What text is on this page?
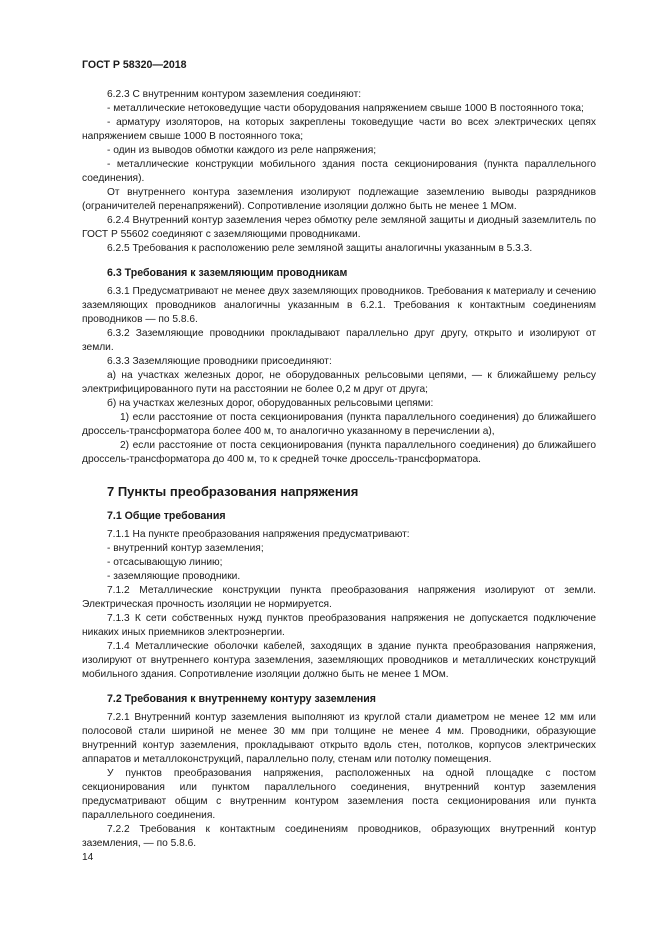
ГОСТ Р 58320—2018

6.2.3 С внутренним контуром заземления соединяют:

- металлические нетоковедущие части оборудования напряжением свыше 1000 В постоянного тока;

- арматуру изоляторов, на которых закреплены токоведущие части во всех электрических цепях напряжением свыше 1000 В постоянного тока;

- один из выводов обмотки каждого из реле напряжения;

- металлические конструкции мобильного здания поста секционирования (пункта параллельного соединения).

От внутреннего контура заземления изолируют подлежащие заземлению выводы разрядников (ограничителей перенапряжений). Сопротивление изоляции должно быть не менее 1 МОм.

6.2.4 Внутренний контур заземления через обмотку реле земляной защиты и диодный заземлитель по ГОСТ Р 55602 соединяют с заземляющими проводниками.

6.2.5 Требования к расположению реле земляной защиты аналогичны указанным в 5.3.3.

6.3 Требования к заземляющим проводникам

6.3.1 Предусматривают не менее двух заземляющих проводников. Требования к материалу и сечению заземляющих проводников аналогичны указанным в 6.2.1. Требования к контактным соединениям проводников — по 5.8.6.

6.3.2 Заземляющие проводники прокладывают параллельно друг другу, открыто и изолируют от земли.

6.3.3 Заземляющие проводники присоединяют:

а) на участках железных дорог, не оборудованных рельсовыми цепями, — к ближайшему рельсу электрифицированного пути на расстоянии не более 0,2 м друг от друга;

б) на участках железных дорог, оборудованных рельсовыми цепями:

1) если расстояние от поста секционирования (пункта параллельного соединения) до ближайшего дроссель-трансформатора более 400 м, то аналогично указанному в перечислении а),

2) если расстояние от поста секционирования (пункта параллельного соединения) до ближайшего дроссель-трансформатора до 400 м, то к средней точке дроссель-трансформатора.

7 Пункты преобразования напряжения

7.1 Общие требования

7.1.1 На пункте преобразования напряжения предусматривают:

- внутренний контур заземления;

- отсасывающую линию;

- заземляющие проводники.

7.1.2 Металлические конструкции пункта преобразования напряжения изолируют от земли. Электрическая прочность изоляции не нормируется.

7.1.3 К сети собственных нужд пунктов преобразования напряжения не допускается подключение никаких иных приемников электроэнергии.

7.1.4 Металлические оболочки кабелей, заходящих в здание пункта преобразования напряжения, изолируют от внутреннего контура заземления, заземляющих проводников и металлических конструкций мобильного здания. Сопротивление изоляции должно быть не менее 1 МОм.

7.2 Требования к внутреннему контуру заземления

7.2.1 Внутренний контур заземления выполняют из круглой стали диаметром не менее 12 мм или полосовой стали шириной не менее 30 мм при толщине не менее 4 мм. Проводники, образующие внутренний контур заземления, прокладывают открыто вдоль стен, потолков, корпусов электрических аппаратов и металлоконструкций, параллельно полу, стенам или потолку помещения.

У пунктов преобразования напряжения, расположенных на одной площадке с постом секционирования или пунктом параллельного соединения, внутренний контур заземления предусматривают общим с внутренним контуром заземления поста секционирования или пункта параллельного соединения.

7.2.2 Требования к контактным соединениям проводников, образующих внутренний контур заземления, — по 5.8.6.

14
